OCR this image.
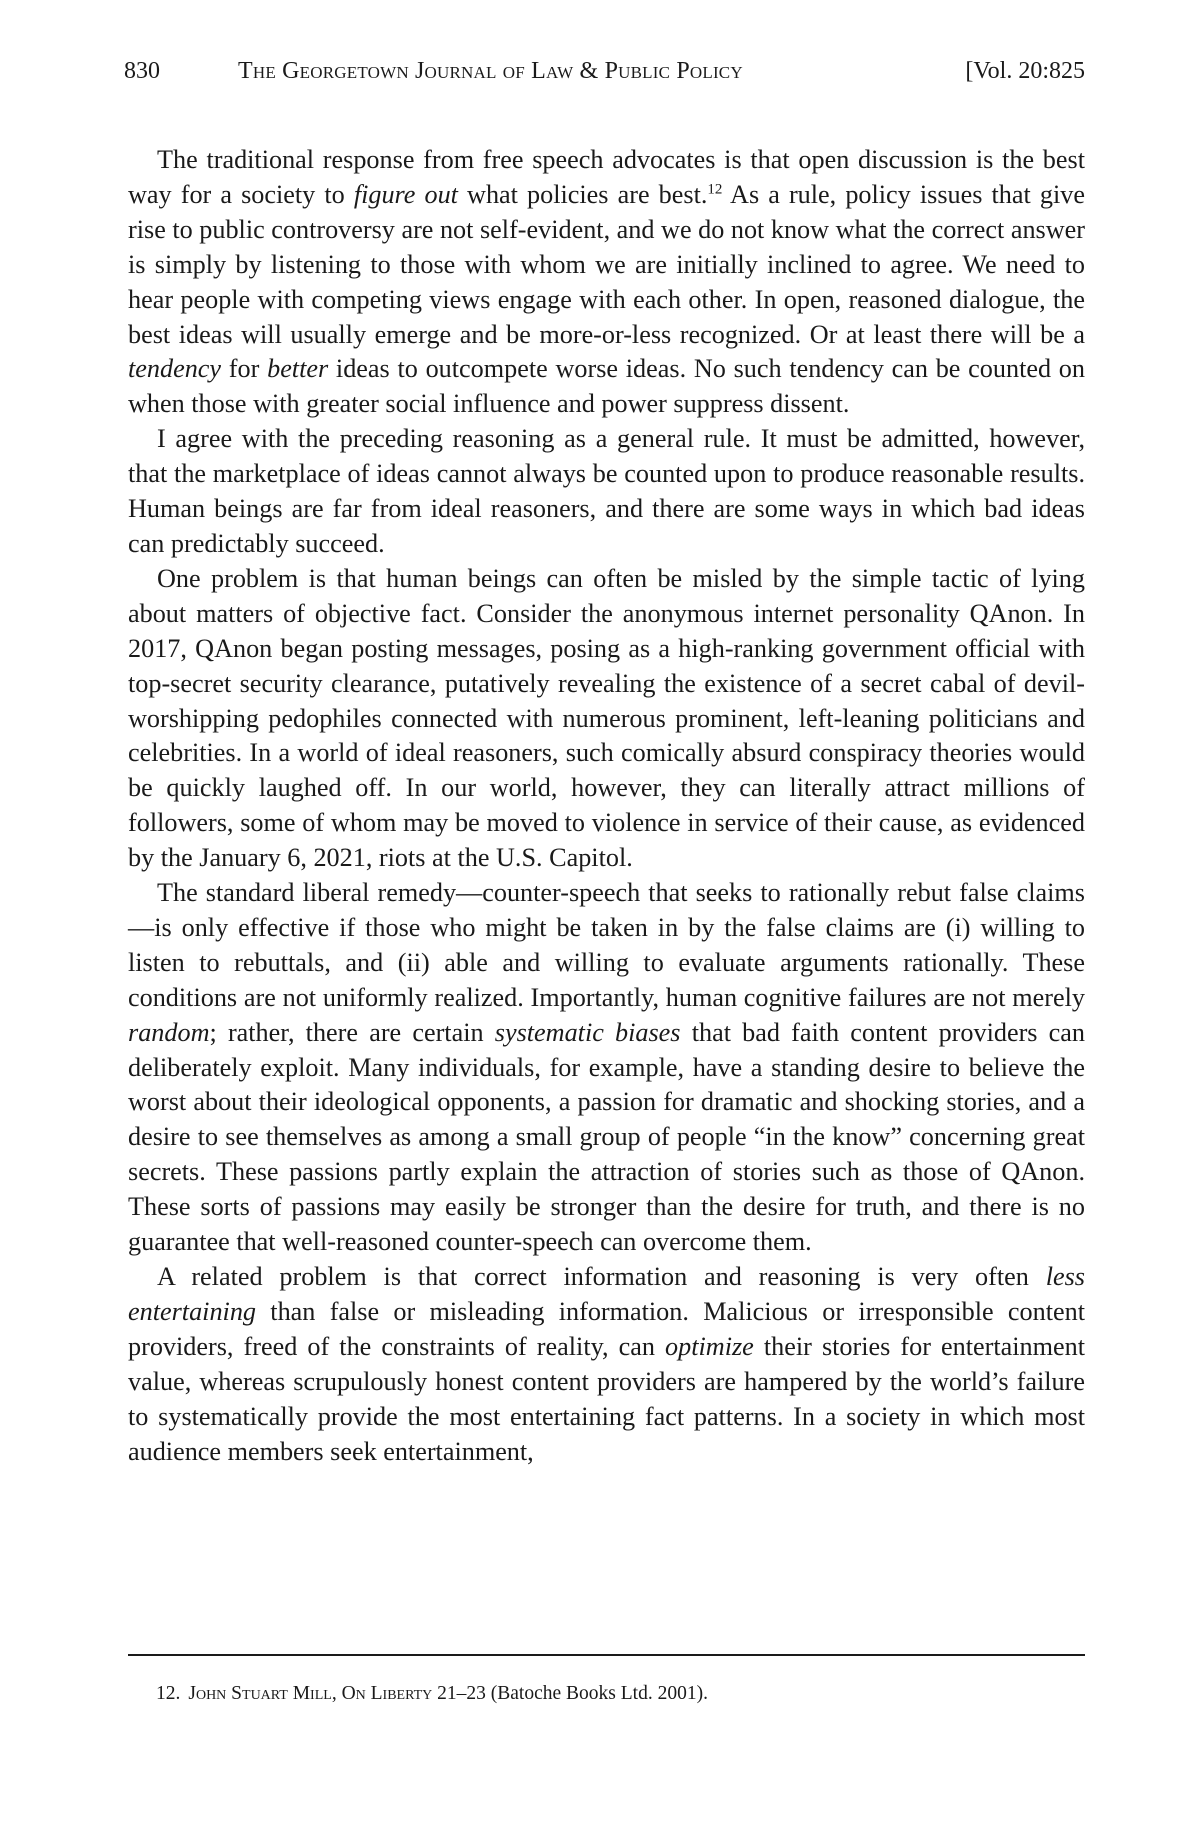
830	The Georgetown Journal of Law & Public Policy	[Vol. 20:825

The traditional response from free speech advocates is that open discussion is the best way for a society to figure out what policies are best.$^{12}$ As a rule, policy issues that give rise to public controversy are not self-evident, and we do not know what the correct answer is simply by listening to those with whom we are initially inclined to agree. We need to hear people with competing views engage with each other. In open, reasoned dialogue, the best ideas will usually emerge and be more-or-less recognized. Or at least there will be a tendency for better ideas to outcompete worse ideas. No such tendency can be counted on when those with greater social influence and power suppress dissent.

I agree with the preceding reasoning as a general rule. It must be admitted, however, that the marketplace of ideas cannot always be counted upon to produce reasonable results. Human beings are far from ideal reasoners, and there are some ways in which bad ideas can predictably succeed.

One problem is that human beings can often be misled by the simple tactic of lying about matters of objective fact. Consider the anonymous internet personality QAnon. In 2017, QAnon began posting messages, posing as a high-ranking government official with top-secret security clearance, putatively revealing the existence of a secret cabal of devil-worshipping pedophiles connected with numerous prominent, left-leaning politicians and celebrities. In a world of ideal reasoners, such comically absurd conspiracy theories would be quickly laughed off. In our world, however, they can literally attract millions of followers, some of whom may be moved to violence in service of their cause, as evidenced by the January 6, 2021, riots at the U.S. Capitol.

The standard liberal remedy—counter-speech that seeks to rationally rebut false claims—is only effective if those who might be taken in by the false claims are (i) willing to listen to rebuttals, and (ii) able and willing to evaluate arguments rationally. These conditions are not uniformly realized. Importantly, human cognitive failures are not merely random; rather, there are certain systematic biases that bad faith content providers can deliberately exploit. Many individuals, for example, have a standing desire to believe the worst about their ideological opponents, a passion for dramatic and shocking stories, and a desire to see themselves as among a small group of people “in the know” concerning great secrets. These passions partly explain the attraction of stories such as those of QAnon. These sorts of passions may easily be stronger than the desire for truth, and there is no guarantee that well-reasoned counter-speech can overcome them.

A related problem is that correct information and reasoning is very often less entertaining than false or misleading information. Malicious or irresponsible content providers, freed of the constraints of reality, can optimize their stories for entertainment value, whereas scrupulously honest content providers are hampered by the world’s failure to systematically provide the most entertaining fact patterns. In a society in which most audience members seek entertainment,

12. John Stuart Mill, On Liberty 21–23 (Batoche Books Ltd. 2001).
